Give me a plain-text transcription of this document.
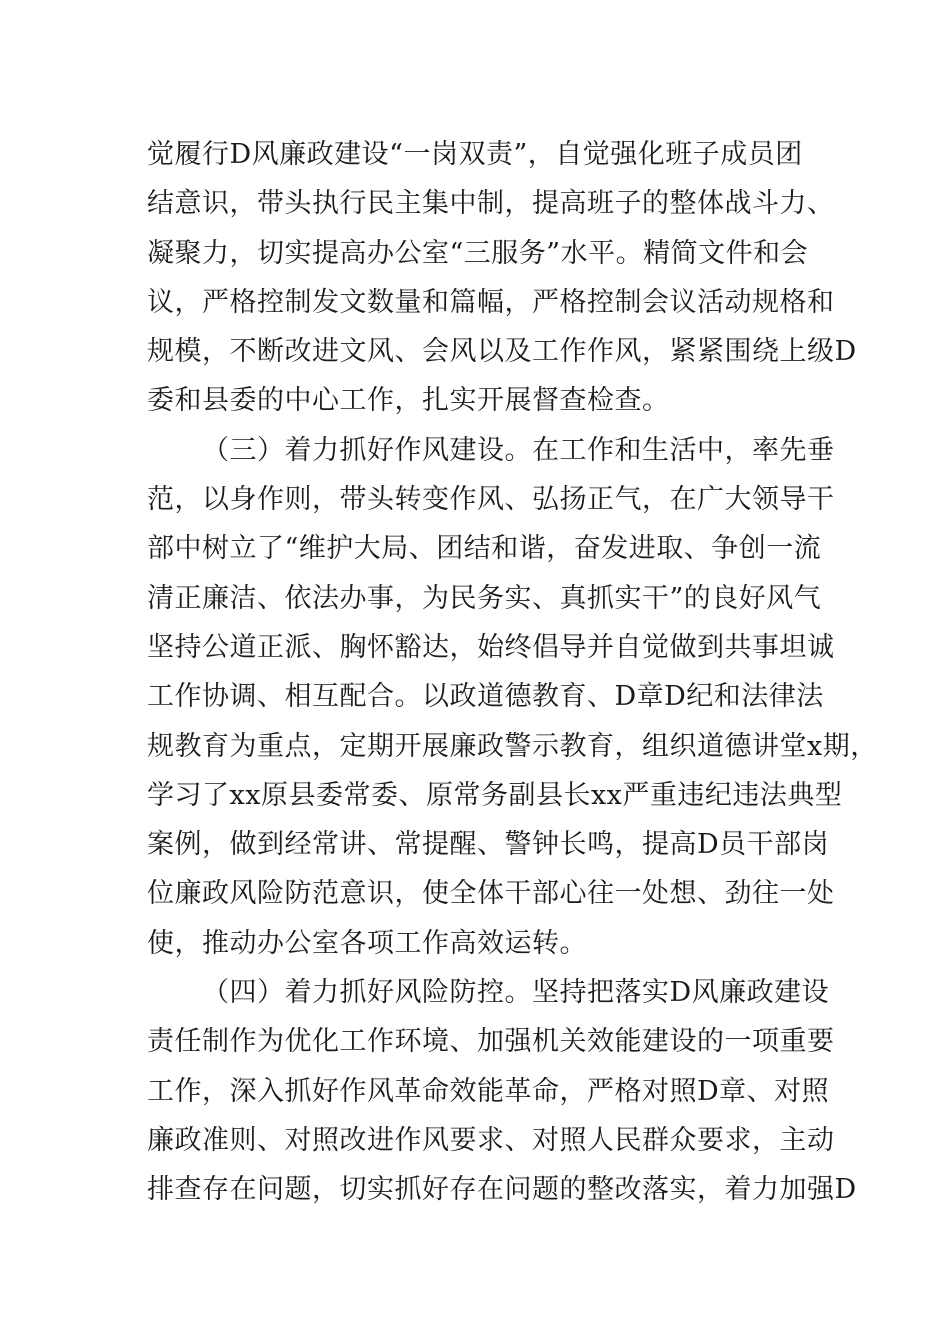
觉履行D风廉政建设“一岗双责”，自觉强化班子成员团
结意识，带头执行民主集中制，提高班子的整体战斗力、
凝聚力，切实提高办公室“三服务”水平。精简文件和会
议，严格控制发文数量和篇幅，严格控制会议活动规格和
规模，不断改进文风、会风以及工作作风，紧紧围绕上级D
委和县委的中心工作，扎实开展督查检查。
（三）着力抓好作风建设。在工作和生活中，率先垂
范，以身作则，带头转变作风、弘扬正气，在广大领导干
部中树立了“维护大局、团结和谐，奋发进取、争创一流
清正廉洁、依法办事，为民务实、真抓实干”的良好风气
坚持公道正派、胸怀豁达，始终倡导并自觉做到共事坦诚
工作协调、相互配合。以政道德教育、D章D纪和法律法
规教育为重点，定期开展廉政警示教育，组织道德讲堂x期，
学习了xx原县委常委、原常务副县长xx严重违纪违法典型
案例，做到经常讲、常提醒、警钟长鸣，提高D员干部岗
位廉政风险防范意识，使全体干部心往一处想、劲往一处
使，推动办公室各项工作高效运转。
（四）着力抓好风险防控。坚持把落实D风廉政建设
责任制作为优化工作环境、加强机关效能建设的一项重要
工作，深入抓好作风革命效能革命，严格对照D章、对照
廉政准则、对照改进作风要求、对照人民群众要求，主动
排查存在问题，切实抓好存在问题的整改落实，着力加强D
